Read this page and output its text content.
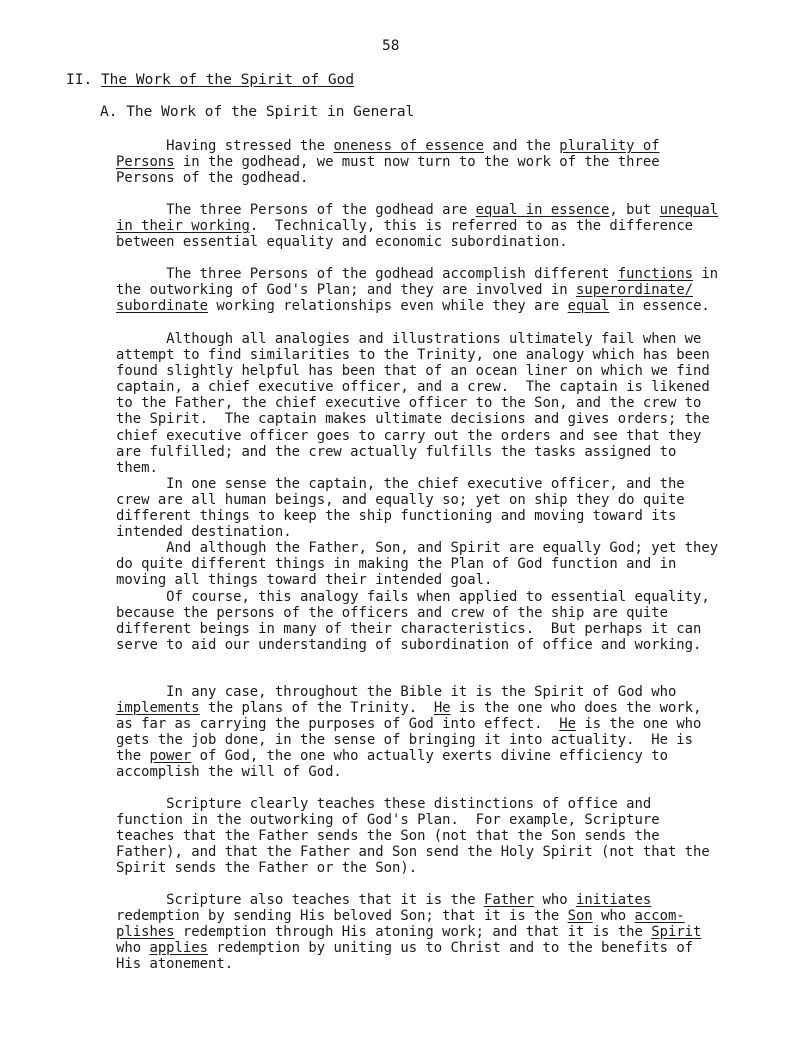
58
II. The Work of the Spirit of God
A. The Work of the Spirit in General
Having stressed the oneness of essence and the plurality of
Persons in the godhead, we must now turn to the work of the three
Persons of the godhead.
The three Persons of the godhead are equal in essence, but unequal
in their working.  Technically, this is referred to as the difference
between essential equality and economic subordination.
The three Persons of the godhead accomplish different functions in
the outworking of God's Plan; and they are involved in superordinate/
subordinate working relationships even while they are equal in essence.
Although all analogies and illustrations ultimately fail when we
attempt to find similarities to the Trinity, one analogy which has been
found slightly helpful has been that of an ocean liner on which we find
captain, a chief executive officer, and a crew.  The captain is likened
to the Father, the chief executive officer to the Son, and the crew to
the Spirit.  The captain makes ultimate decisions and gives orders; the
chief executive officer goes to carry out the orders and see that they
are fulfilled; and the crew actually fulfills the tasks assigned to
them.
In one sense the captain, the chief executive officer, and the
crew are all human beings, and equally so; yet on ship they do quite
different things to keep the ship functioning and moving toward its
intended destination.
And although the Father, Son, and Spirit are equally God; yet they
do quite different things in making the Plan of God function and in
moving all things toward their intended goal.
Of course, this analogy fails when applied to essential equality,
because the persons of the officers and crew of the ship are quite
different beings in many of their characteristics.  But perhaps it can
serve to aid our understanding of subordination of office and working.
In any case, throughout the Bible it is the Spirit of God who
implements the plans of the Trinity.  He is the one who does the work,
as far as carrying the purposes of God into effect.  He is the one who
gets the job done, in the sense of bringing it into actuality.  He is
the power of God, the one who actually exerts divine efficiency to
accomplish the will of God.
Scripture clearly teaches these distinctions of office and
function in the outworking of God's Plan.  For example, Scripture
teaches that the Father sends the Son (not that the Son sends the
Father), and that the Father and Son send the Holy Spirit (not that the
Spirit sends the Father or the Son).
Scripture also teaches that it is the Father who initiates
redemption by sending His beloved Son; that it is the Son who accom-
plishes redemption through His atoning work; and that it is the Spirit
who applies redemption by uniting us to Christ and to the benefits of
His atonement.
